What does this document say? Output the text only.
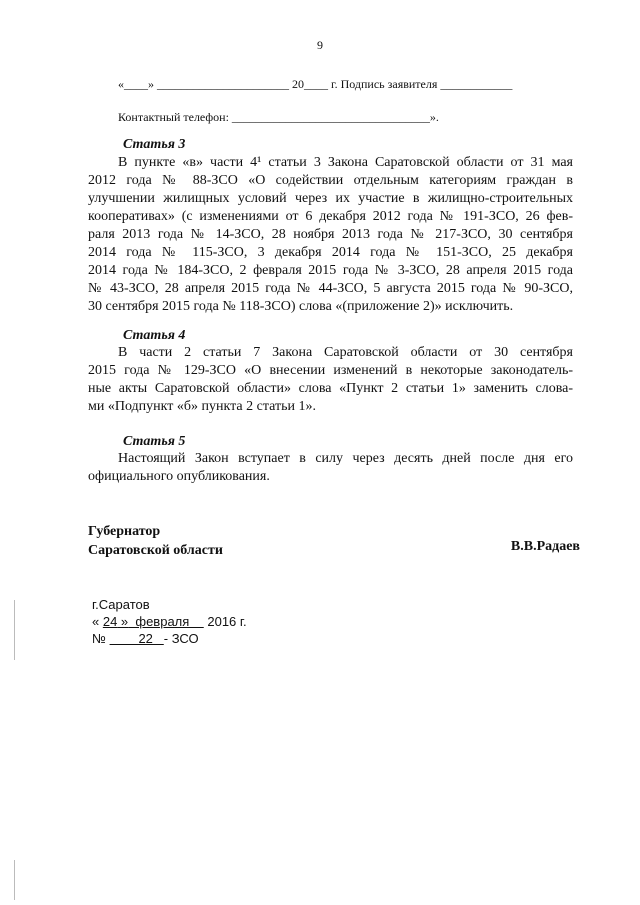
9
«____» ______________________ 20____ г. Подпись заявителя ____________
Контактный телефон: _________________________________».
Статья 3
В пункте «в» части 4¹ статьи 3 Закона Саратовской области от 31 мая
2012 года № 88-ЗСО «О содействии отдельным категориям граждан в
улучшении жилищных условий через их участие в жилищно-строительных
кооперативах» (с изменениями от 6 декабря 2012 года № 191-ЗСО, 26 фев-
раля 2013 года № 14-ЗСО, 28 ноября 2013 года № 217-ЗСО, 30 сентября
2014 года № 115-ЗСО, 3 декабря 2014 года № 151-ЗСО, 25 декабря
2014 года № 184-ЗСО, 2 февраля 2015 года № 3-ЗСО, 28 апреля 2015 года
№ 43-ЗСО, 28 апреля 2015 года № 44-ЗСО, 5 августа 2015 года № 90-ЗСО,
30 сентября 2015 года № 118-ЗСО) слова «(приложение 2)» исключить.
Статья 4
В части 2 статьи 7 Закона Саратовской области от 30 сентября
2015 года № 129-ЗСО «О внесении изменений в некоторые законодатель-
ные акты Саратовской области» слова «Пункт 2 статьи 1» заменить слова-
ми «Подпункт «б» пункта 2 статьи 1».
Статья 5
Настоящий Закон вступает в силу через десять дней после дня его
официального опубликования.
Губернатор
Саратовской области	В.В.Радаев
г.Саратов
« 24 »  февраля     2016 г.
№         22   - ЗСО
